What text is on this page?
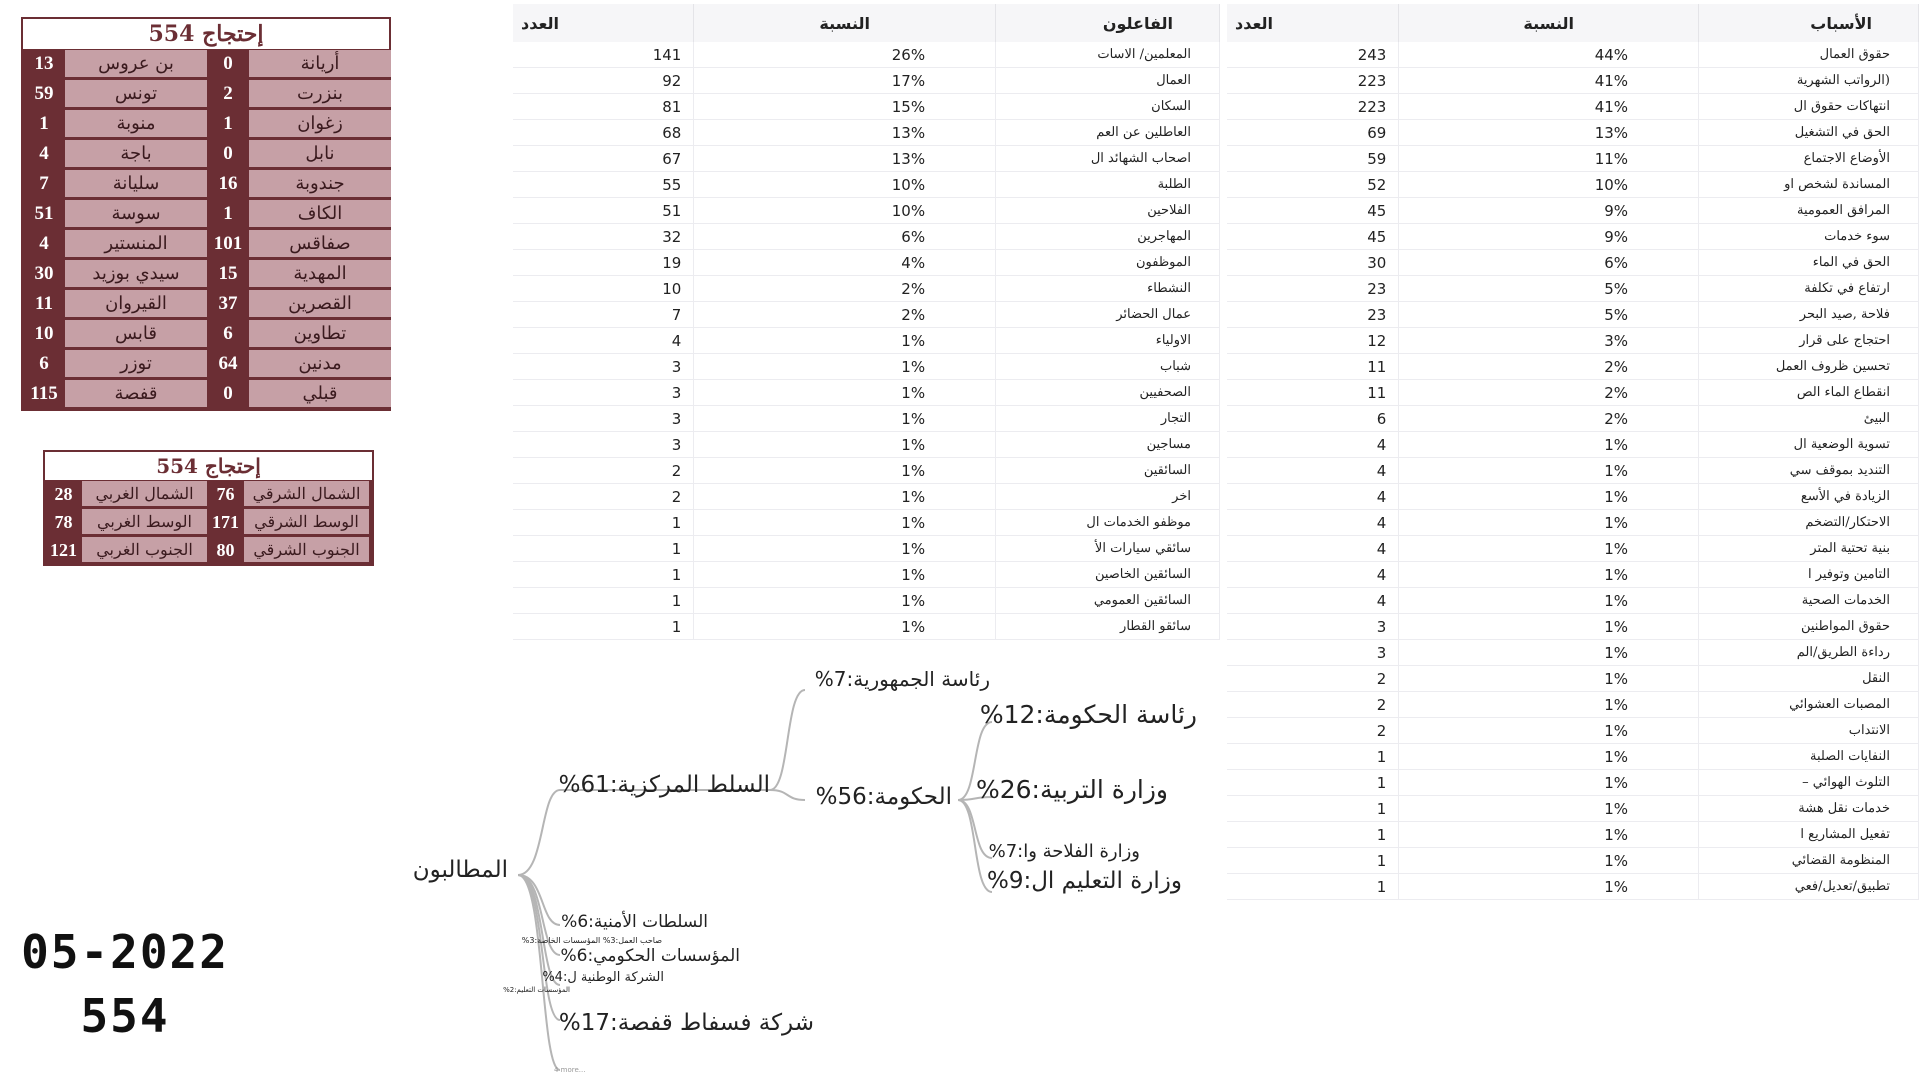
554 إحتجاج
13	بن عروس	0	أريانة
59	تونس	2	بنزرت
1	منوبة	1	زغوان
4	باجة	0	نابل
7	سليانة	16	جندوبة
51	سوسة	1	الكاف
4	المنستير	101	صفاقس
30	سيدي بوزيد	15	المهدية
11	القيروان	37	القصرين
10	قابس	6	تطاوين
6	توزر	64	مدنين
115	قفصة	0	قبلي
554 إحتجاج
28	الشمال الغربي	76	الشمال الشرقي
78	الوسط الغربي	171 الوسط الشرقي
121	الجنوب الغربي	80	الجنوب الشرقي
05-2022
554
العدد	النسبة	الفاعلون
141	26%	المعلمين/ الاسات
92	17%	العمال
81	15%	السكان
68	13%	العاطلين عن العم
67	13%	اصحاب الشهائد ال
55	10%	الطلبة
51	10%	الفلاحين
32	6%	المهاجرين
19	4%	الموظفون
10	2%	النشطاء
7	2%	عمال الحضائر
4	1%	الاولياء
3	1%	شباب
3	1%	الصحفيين
3	1%	التجار
3	1%	مساجين
2	1%	السائقين
2	1%	اخر
1	1%	موظفو الخدمات ال
1	1%	سائقي سيارات الأ
1	1%	السائقين الخاصين
1	1%	السائقين العمومي
1	1%	سائقو القطار
العدد	النسبة	الأسباب
243	44%	حقوق العمال
223	41%	(الرواتب الشهرية
223	41%	انتهاكات حقوق ال
69	13%	الحق في التشغيل
59	11%	الأوضاع الاجتماع
52	10%	المساندة لشخص او
45	9%	المرافق العمومية
45	9%	سوء خدمات
30	6%	الحق في الماء
23	5%	ارتفاع في تكلفة
23	5%	فلاحة ,صيد البحر
12	3%	احتجاج على قرار
11	2%	تحسين ظروف العمل
11	2%	انقطاع الماء الص
6	2%	البيئ
4	1%	تسوية الوضعية ال
4	1%	التنديد بموقف سي
4	1%	الزيادة في الأسع
4	1%	الاحتكار/التضخم
4	1%	بنية تحتية المتر
4	1%	التامين وتوفير ا
4	1%	الخدمات الصحية
3	1%	حقوق المواطنين
3	1%	رداءة الطريق/الم
2	1%	النقل
2	1%	المصبات العشوائي
2	1%	الانتداب
1	1%	النفايات الصلبة
1	1%	التلوث الهوائي –
1	1%	خدمات نقل هشة
1	1%	تفعيل المشاريع ا
1	1%	المنظومة القضائي
1	1%	تطبيق/تعديل/فعي
المطالبون
السلط المركزية:61%
رئاسة الجمهورية:7%
الحكومة:56%
رئاسة الحكومة:12%
وزارة التربية:26%
وزارة الفلاحة وا:7%
وزارة التعليم ال:9%
السلطات الأمنية:6%
صاحب العمل:3% المؤسسات الخاصة:3%
المؤسسات الحكومي:6%
الشركة الوطنية ل:4%
المؤسسات التعليم:2%
شركة فسفاط قفصة:17%
4 more...
